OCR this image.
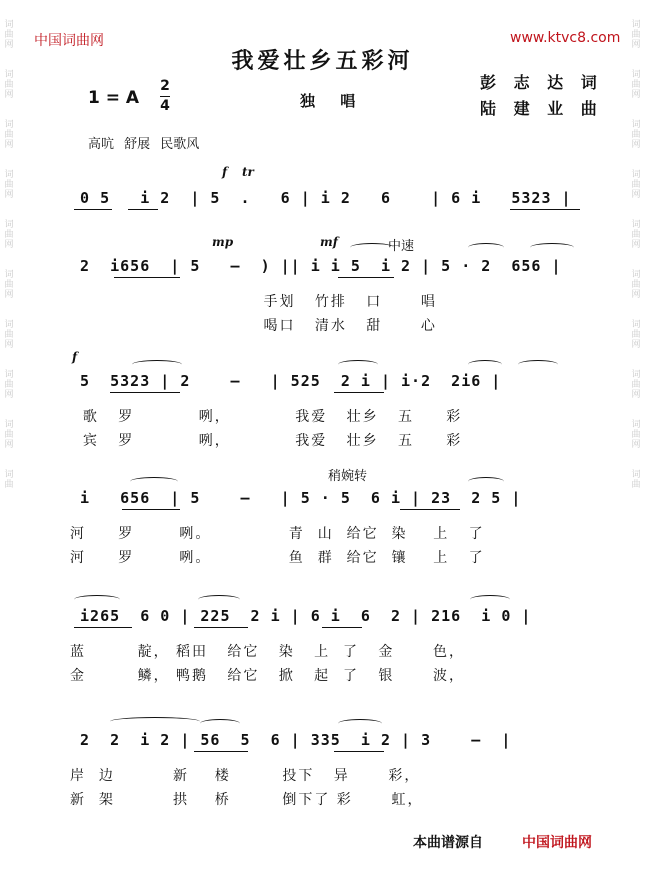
词
曲
网
词
曲
网
词
曲
网
词
曲
网
词
曲
网
词
曲
网
词
曲
网
词
曲
网
词
曲
网
词
曲
词
曲
网
词
曲
网
词
曲
网
词
曲
网
词
曲
网
词
曲
网
词
曲
网
词
曲
网
词
曲
网
词
曲
中国词曲网	www.ktvc8.com
我爱壮乡五彩河
彭 志 达 词
陆 建 业 曲
1 = A
2
4	独 唱
高吭 舒展 民歌风
f tr
0 5   i 2  | 5  .   6 | i 2   6    | 6 i   5323 |
mp	mf	中速
2  i656  | 5   —  ) || i i 5  i 2 | 5 · 2  656 |
手划   竹排   口      唱
喝口   清水   甜      心
f
5  5323 | 2    —   | 525  2 i | i·2  2i6 |
歌   罗          咧，          我爱   壮乡   五     彩
宾   罗          咧，          我爱   壮乡   五     彩
稍婉转
i   656  | 5    —   | 5 · 5  6 i | 23  2 5 |
河     罗       咧。            青  山  给它  染    上   了
河     罗       咧。            鱼  群  给它  镶    上   了
i265  6 0 | 225  2 i | 6 i  6  2 | 216  i 0 |
蓝        靛， 稻田   给它   染   上  了   金      色，
金        鳞， 鸭鹅   给它   掀   起  了   银      波，
2  2  i 2 | 56  5  6 | 335  i 2 | 3    —  |
岸  边         新    楼        投下   异      彩，
新  架         拱    桥        倒下了 彩      虹，
本曲谱源自	中国词曲网
